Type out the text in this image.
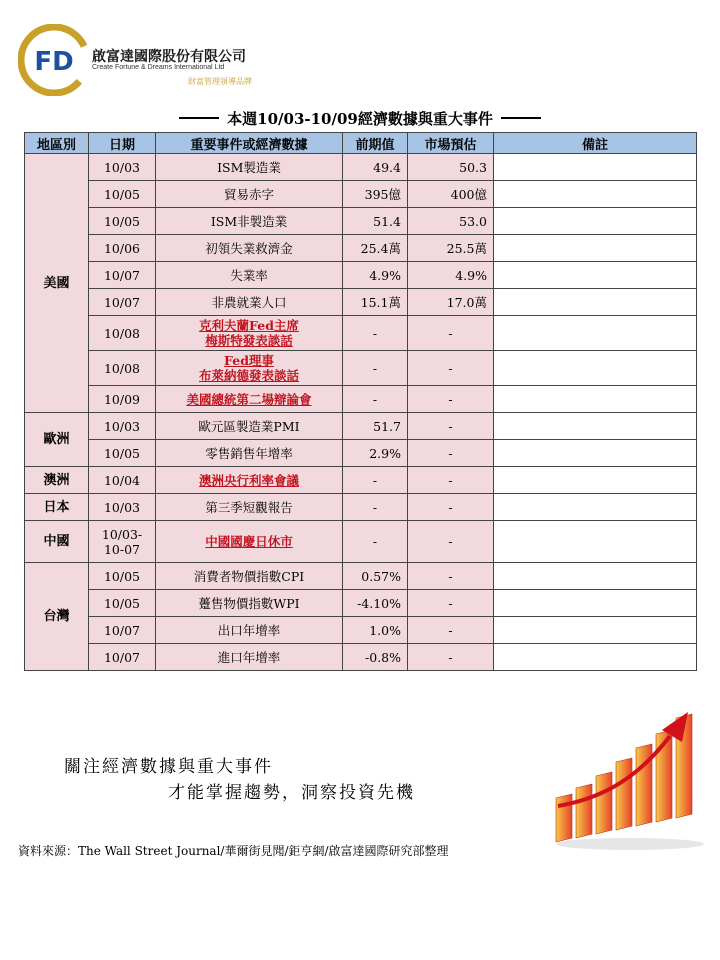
FD 啟富達國際股份有限公司
Create Fortune & Dreams International Ltd
財富管理領導品牌
本週10/03-10/09經濟數據與重大事件
地區別	日期	重要事件或經濟數據	前期值	市場預估	備註
美國	10/03	ISM製造業	49.4	50.3	
	10/05	貿易赤字	395億	400億	
	10/05	ISM非製造業	51.4	53.0	
	10/06	初領失業救濟金	25.4萬	25.5萬	
	10/07	失業率	4.9%	4.9%	
	10/07	非農就業人口	15.1萬	17.0萬	
	10/08	克利夫蘭Fed主席
梅斯特發表談話	-	-	
	10/08	Fed理事
布萊納德發表談話	-	-	
	10/09	美國總統第二場辯論會	-	-	
歐洲	10/03	歐元區製造業PMI	51.7	-	
	10/05	零售銷售年增率	2.9%	-	
澳洲	10/04	澳洲央行利率會議	-	-	
日本	10/03	第三季短觀報告	-	-	
中國	10/03-
10-07	中國國慶日休市	-	-	
台灣	10/05	消費者物價指數CPI	0.57%	-	
	10/05	躉售物價指數WPI	-4.10%	-	
	10/07	出口年增率	1.0%	-	
	10/07	進口年增率	-0.8%	-	
關注經濟數據與重大事件
才能掌握趨勢，洞察投資先機
資料來源：The Wall Street Journal/華爾街見聞/鉅亨網/啟富達國際研究部整理
